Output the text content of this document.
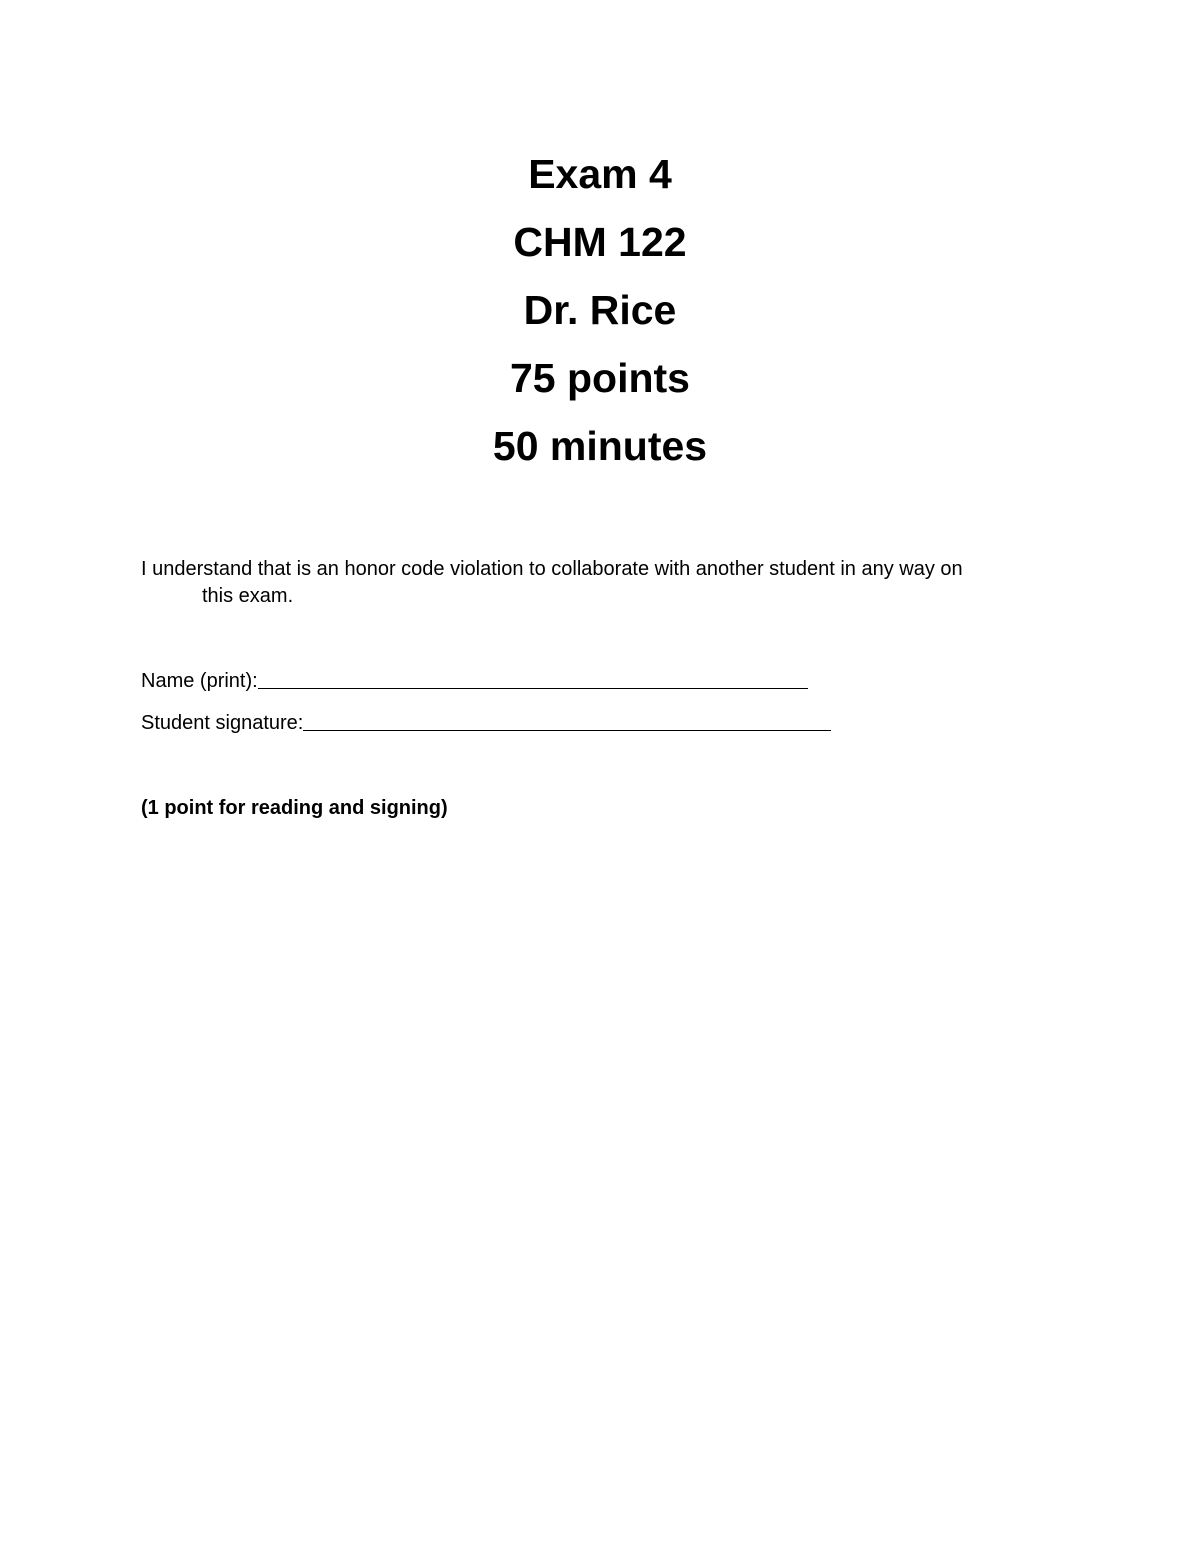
Exam 4
CHM 122
Dr. Rice
75 points
50 minutes
I understand that is an honor code violation to collaborate with another student in any way on
this exam.
Name (print):
Student signature:
(1 point for reading and signing)
